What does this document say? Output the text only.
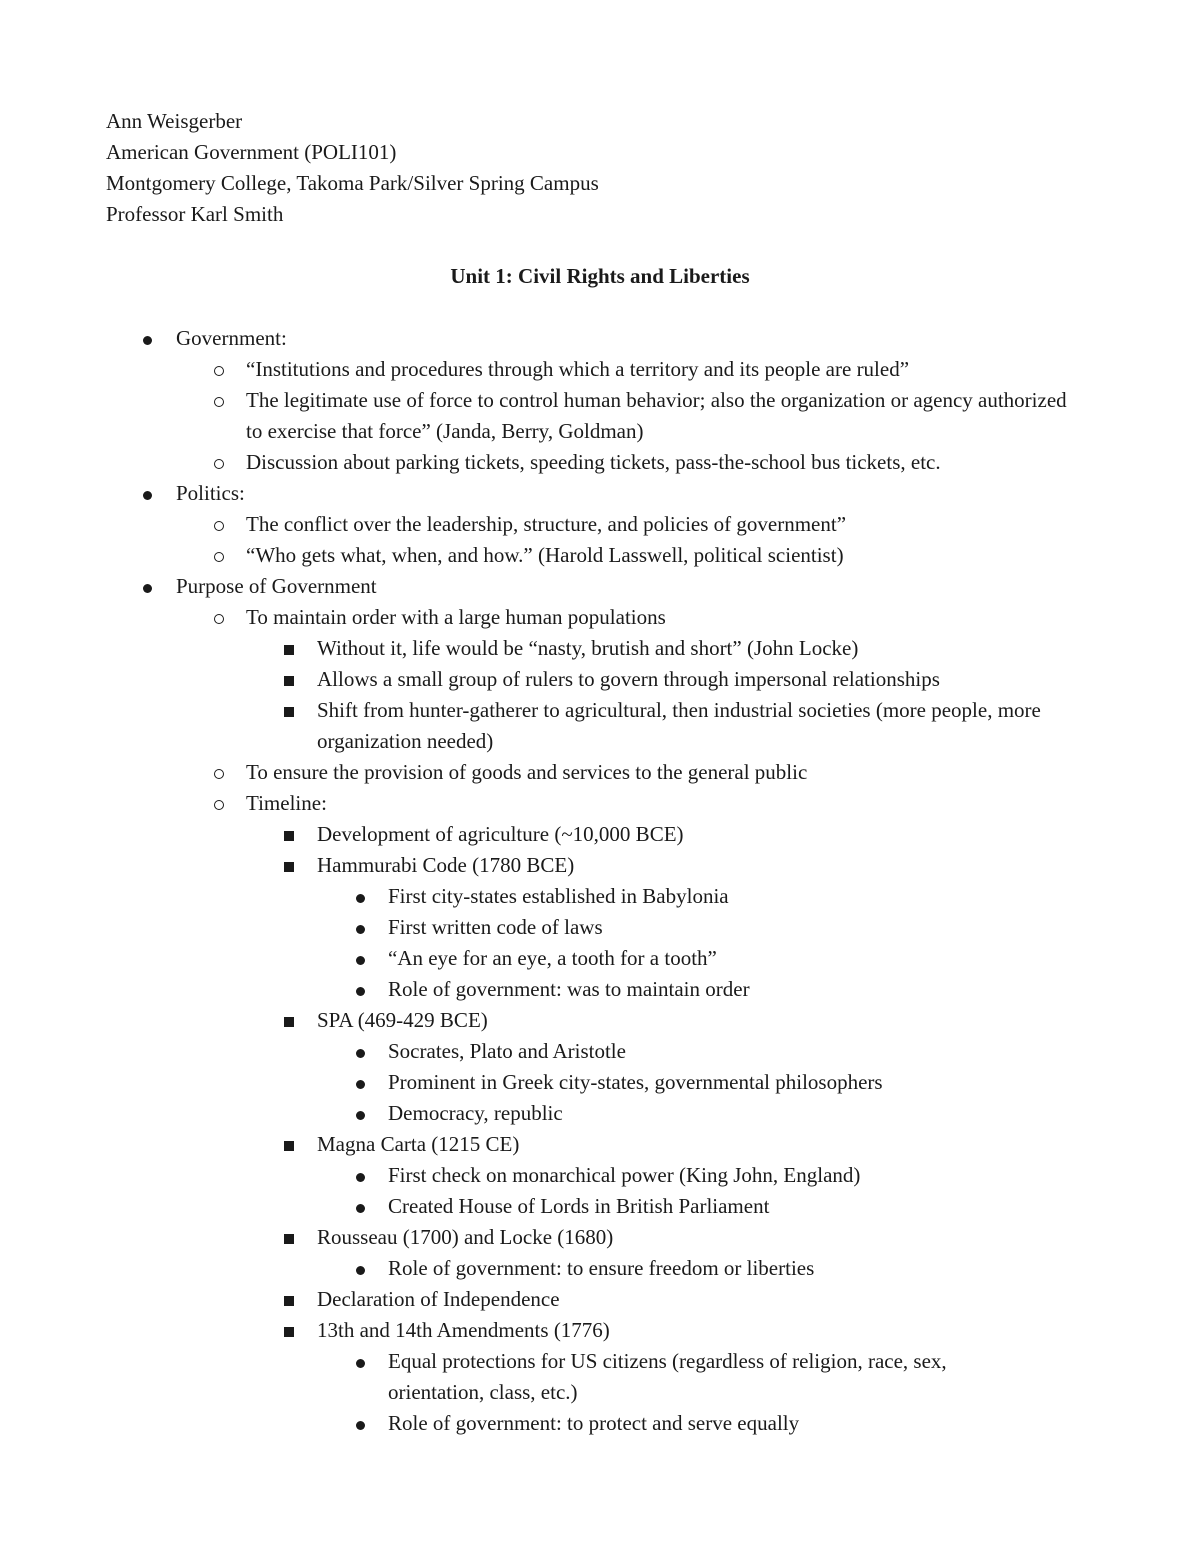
Ann Weisgerber
American Government (POLI101)
Montgomery College, Takoma Park/Silver Spring Campus
Professor Karl Smith
Unit 1: Civil Rights and Liberties
Government:
“Institutions and procedures through which a territory and its people are ruled”
The legitimate use of force to control human behavior; also the organization or agency authorized to exercise that force” (Janda, Berry, Goldman)
Discussion about parking tickets, speeding tickets, pass-the-school bus tickets, etc.
Politics:
The conflict over the leadership, structure, and policies of government”
“Who gets what, when, and how.” (Harold Lasswell, political scientist)
Purpose of Government
To maintain order with a large human populations
Without it, life would be “nasty, brutish and short” (John Locke)
Allows a small group of rulers to govern through impersonal relationships
Shift from hunter-gatherer to agricultural, then industrial societies (more people, more organization needed)
To ensure the provision of goods and services to the general public
Timeline:
Development of agriculture (~10,000 BCE)
Hammurabi Code (1780 BCE)
First city-states established in Babylonia
First written code of laws
“An eye for an eye, a tooth for a tooth”
Role of government: was to maintain order
SPA (469-429 BCE)
Socrates, Plato and Aristotle
Prominent in Greek city-states, governmental philosophers
Democracy, republic
Magna Carta (1215 CE)
First check on monarchical power (King John, England)
Created House of Lords in British Parliament
Rousseau (1700) and Locke (1680)
Role of government: to ensure freedom or liberties
Declaration of Independence
13th and 14th Amendments (1776)
Equal protections for US citizens (regardless of religion, race, sex, orientation, class, etc.)
Role of government: to protect and serve equally
